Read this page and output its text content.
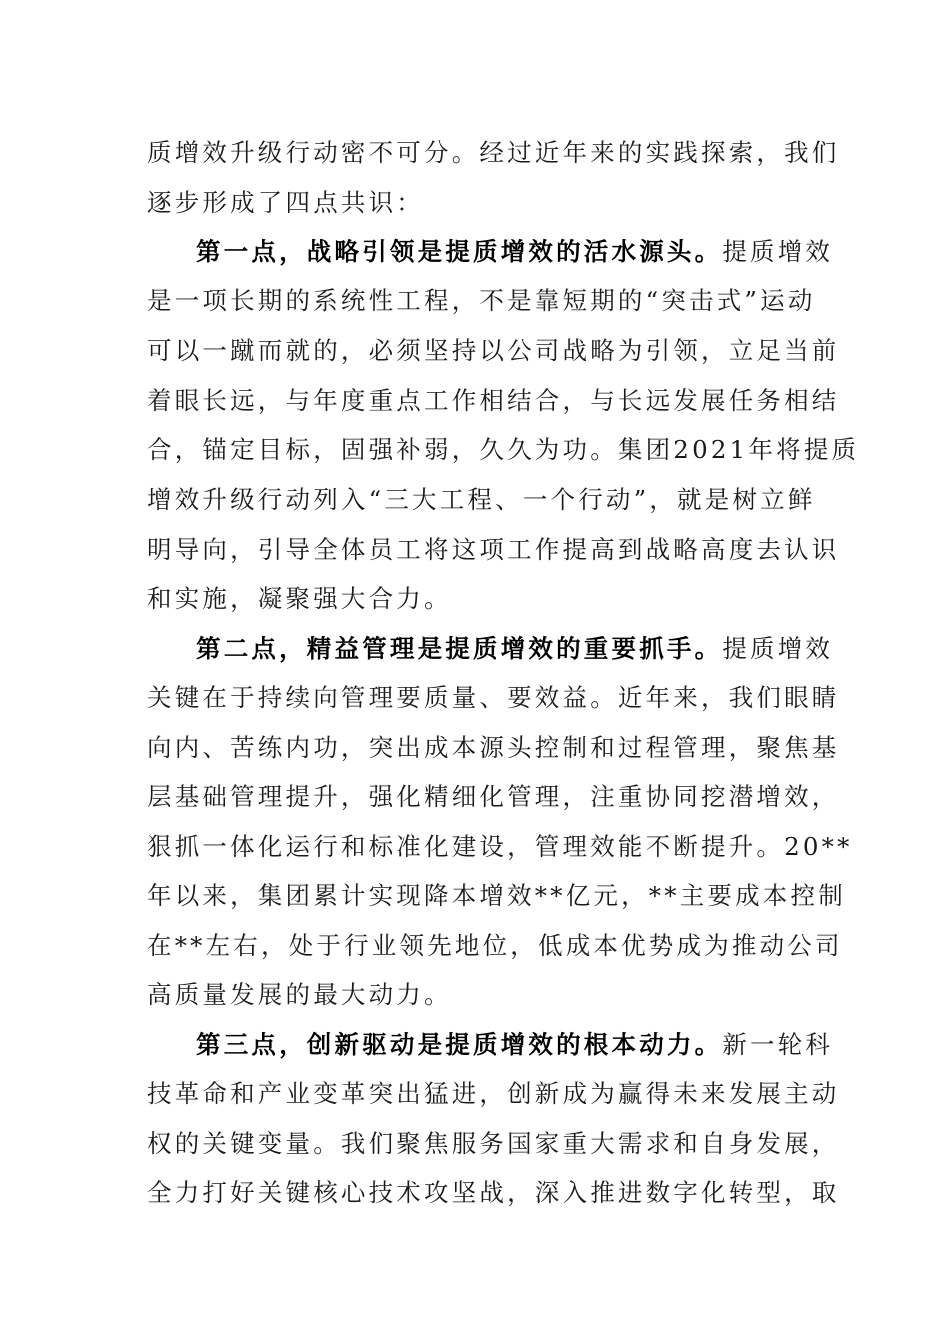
质增效升级行动密不可分。经过近年来的实践探索，我们
逐步形成了四点共识：
第一点，战略引领是提质增效的活水源头。提质增效
是一项长期的系统性工程，不是靠短期的“突击式”运动
可以一蹴而就的，必须坚持以公司战略为引领，立足当前
着眼长远，与年度重点工作相结合，与长远发展任务相结
合，锚定目标，固强补弱，久久为功。集团2021年将提质
增效升级行动列入“三大工程、一个行动”，就是树立鲜
明导向，引导全体员工将这项工作提高到战略高度去认识
和实施，凝聚强大合力。
第二点，精益管理是提质增效的重要抓手。提质增效
关键在于持续向管理要质量、要效益。近年来，我们眼睛
向内、苦练内功，突出成本源头控制和过程管理，聚焦基
层基础管理提升，强化精细化管理，注重协同挖潜增效，
狠抓一体化运行和标准化建设，管理效能不断提升。20**
年以来，集团累计实现降本增效**亿元，**主要成本控制
在**左右，处于行业领先地位，低成本优势成为推动公司
高质量发展的最大动力。
第三点，创新驱动是提质增效的根本动力。新一轮科
技革命和产业变革突出猛进，创新成为赢得未来发展主动
权的关键变量。我们聚焦服务国家重大需求和自身发展，
全力打好关键核心技术攻坚战，深入推进数字化转型，取
